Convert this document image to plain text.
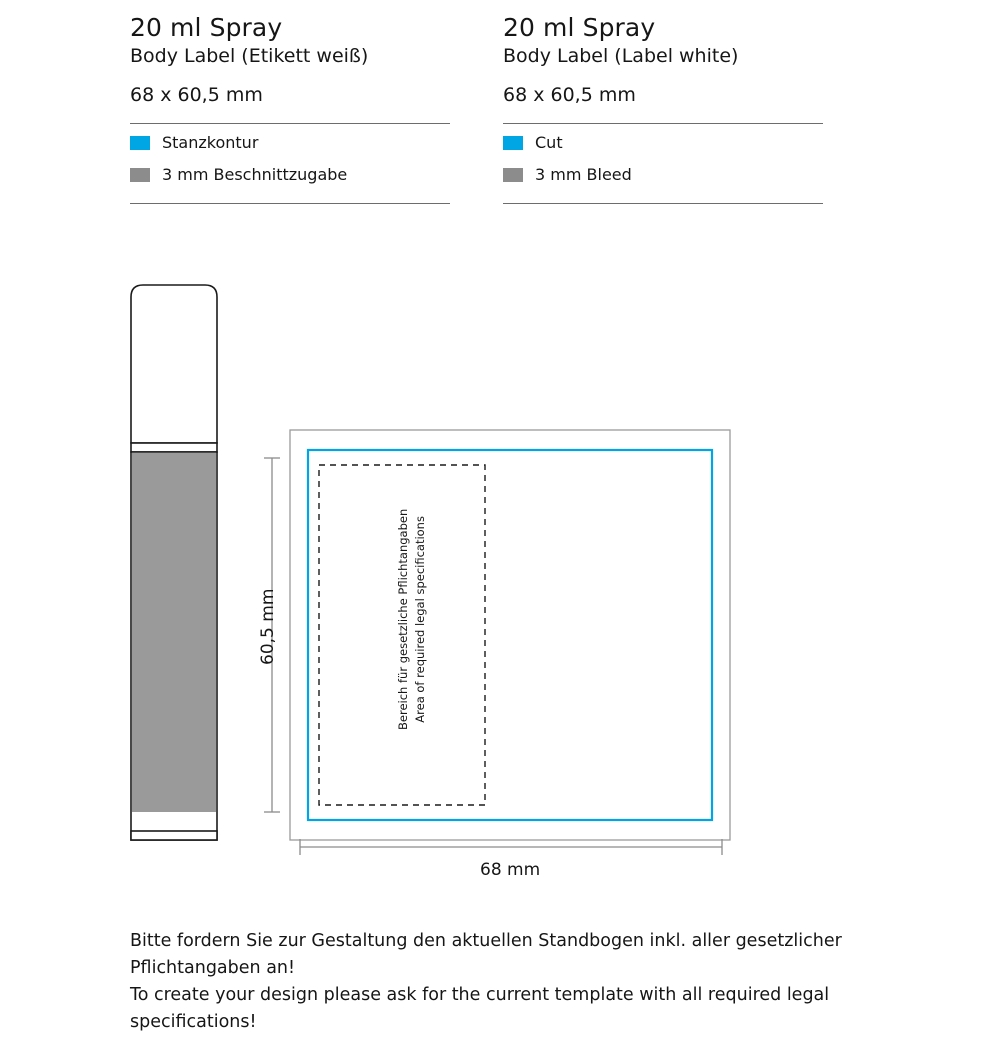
20 ml Spray
Body Label (Etikett weiß)
68 x 60,5 mm
Stanzkontur
3 mm Beschnittzugabe
20 ml Spray
Body Label (Label white)
68 x 60,5 mm
Cut
3 mm Bleed
60,5 mm
68 mm
Bereich für gesetzliche Pflichtangaben Area of required legal specifications
Bitte fordern Sie zur Gestaltung den aktuellen Standbogen inkl. aller gesetzlicher Pflichtangaben an!
To create your design please ask for the current template with all required legal specifications!
